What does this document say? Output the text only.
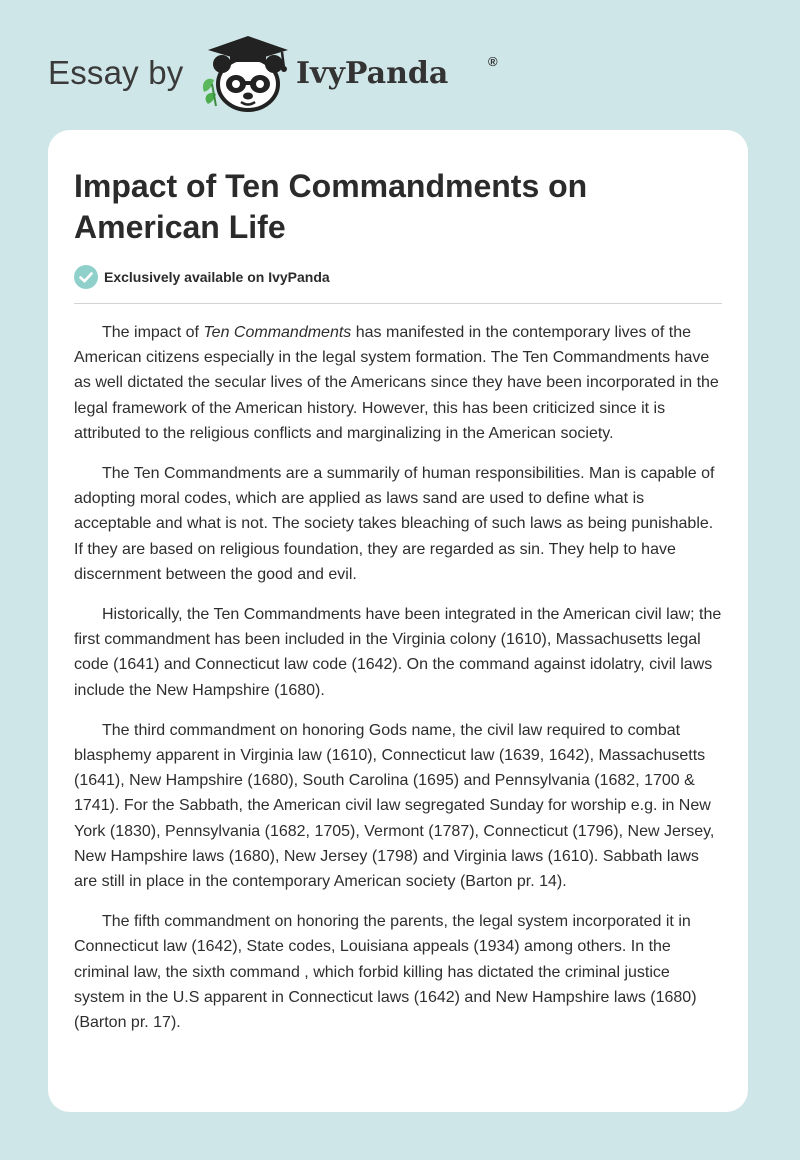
Essay by	IvyPanda	®
Impact of Ten Commandments on American Life
Exclusively available on IvyPanda

The impact of Ten Commandments has manifested in the contemporary lives of the American citizens especially in the legal system formation. The Ten Commandments have as well dictated the secular lives of the Americans since they have been incorporated in the legal framework of the American history. However, this has been criticized since it is attributed to the religious conflicts and marginalizing in the American society.

The Ten Commandments are a summarily of human responsibilities. Man is capable of adopting moral codes, which are applied as laws sand are used to define what is acceptable and what is not. The society takes bleaching of such laws as being punishable. If they are based on religious foundation, they are regarded as sin. They help to have discernment between the good and evil.

Historically, the Ten Commandments have been integrated in the American civil law; the first commandment has been included in the Virginia colony (1610), Massachusetts legal code (1641) and Connecticut law code (1642). On the command against idolatry, civil laws include the New Hampshire (1680).

The third commandment on honoring Gods name, the civil law required to combat blasphemy apparent in Virginia law (1610), Connecticut law (1639, 1642), Massachusetts (1641), New Hampshire (1680), South Carolina (1695) and Pennsylvania (1682, 1700 & 1741). For the Sabbath, the American civil law segregated Sunday for worship e.g. in New York (1830), Pennsylvania (1682, 1705), Vermont (1787), Connecticut (1796), New Jersey, New Hampshire laws (1680), New Jersey (1798) and Virginia laws (1610). Sabbath laws are still in place in the contemporary American society (Barton pr. 14).

The fifth commandment on honoring the parents, the legal system incorporated it in Connecticut law (1642), State codes, Louisiana appeals (1934) among others. In the criminal law, the sixth command , which forbid killing has dictated the criminal justice system in the U.S apparent in Connecticut laws (1642) and New Hampshire laws (1680) (Barton pr. 17).
